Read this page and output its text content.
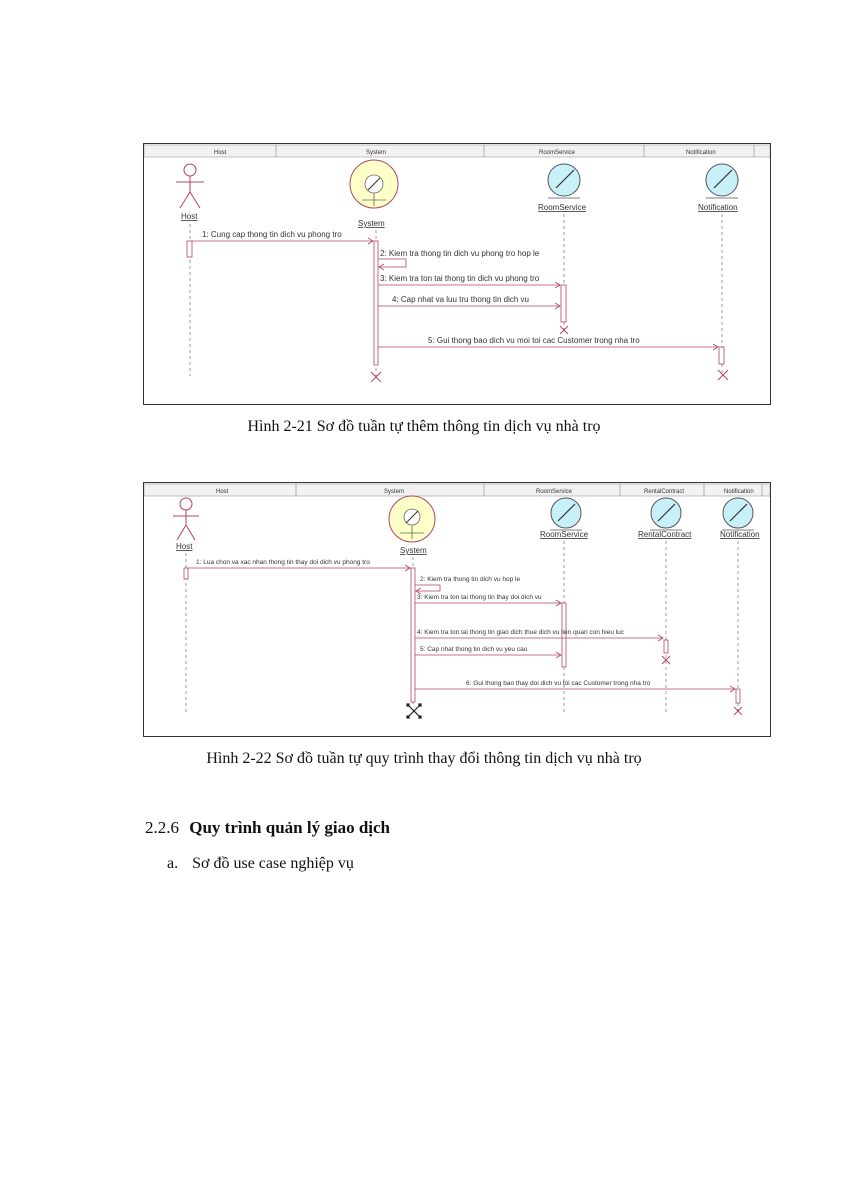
Host	System	RoomService	Notification
Host
System
RoomService	Notification
1: Cung cap thong tin dich vu phong tro
2: Kiem tra thong tin dich vu phong tro hop le
3: Kiem tra ton tai thong tin dich vu phong tro
4: Cap nhat va luu tru thong tin dich vu
5: Gui thong bao dich vu moi toi cac Customer trong nha tro
Hình 2-21 Sơ đồ tuần tự thêm thông tin dịch vụ nhà trọ
Host	System	RoomService	RentalContract	Notification
Host	System
RoomService	RentalContract	Notification
1: Lua chon va xac nhan thong tin thay doi dich vu phong tro
2: Kiem tra thong tin dich vu hop le
3: Kiem tra ton tai thong tin thay doi dich vu
4: Kiem tra ton tai thong tin giao dich thue dich vu lien quan con hieu luc
5: Cap nhat thong tin dich vu yeu cau
6: Gui thong bao thay doi dich vu toi cac Customer trong nha tro
Hình 2-22 Sơ đồ tuần tự quy trình thay đổi thông tin dịch vụ nhà trọ
2.2.6 Quy trình quản lý giao dịch
a. Sơ đồ use case nghiệp vụ
